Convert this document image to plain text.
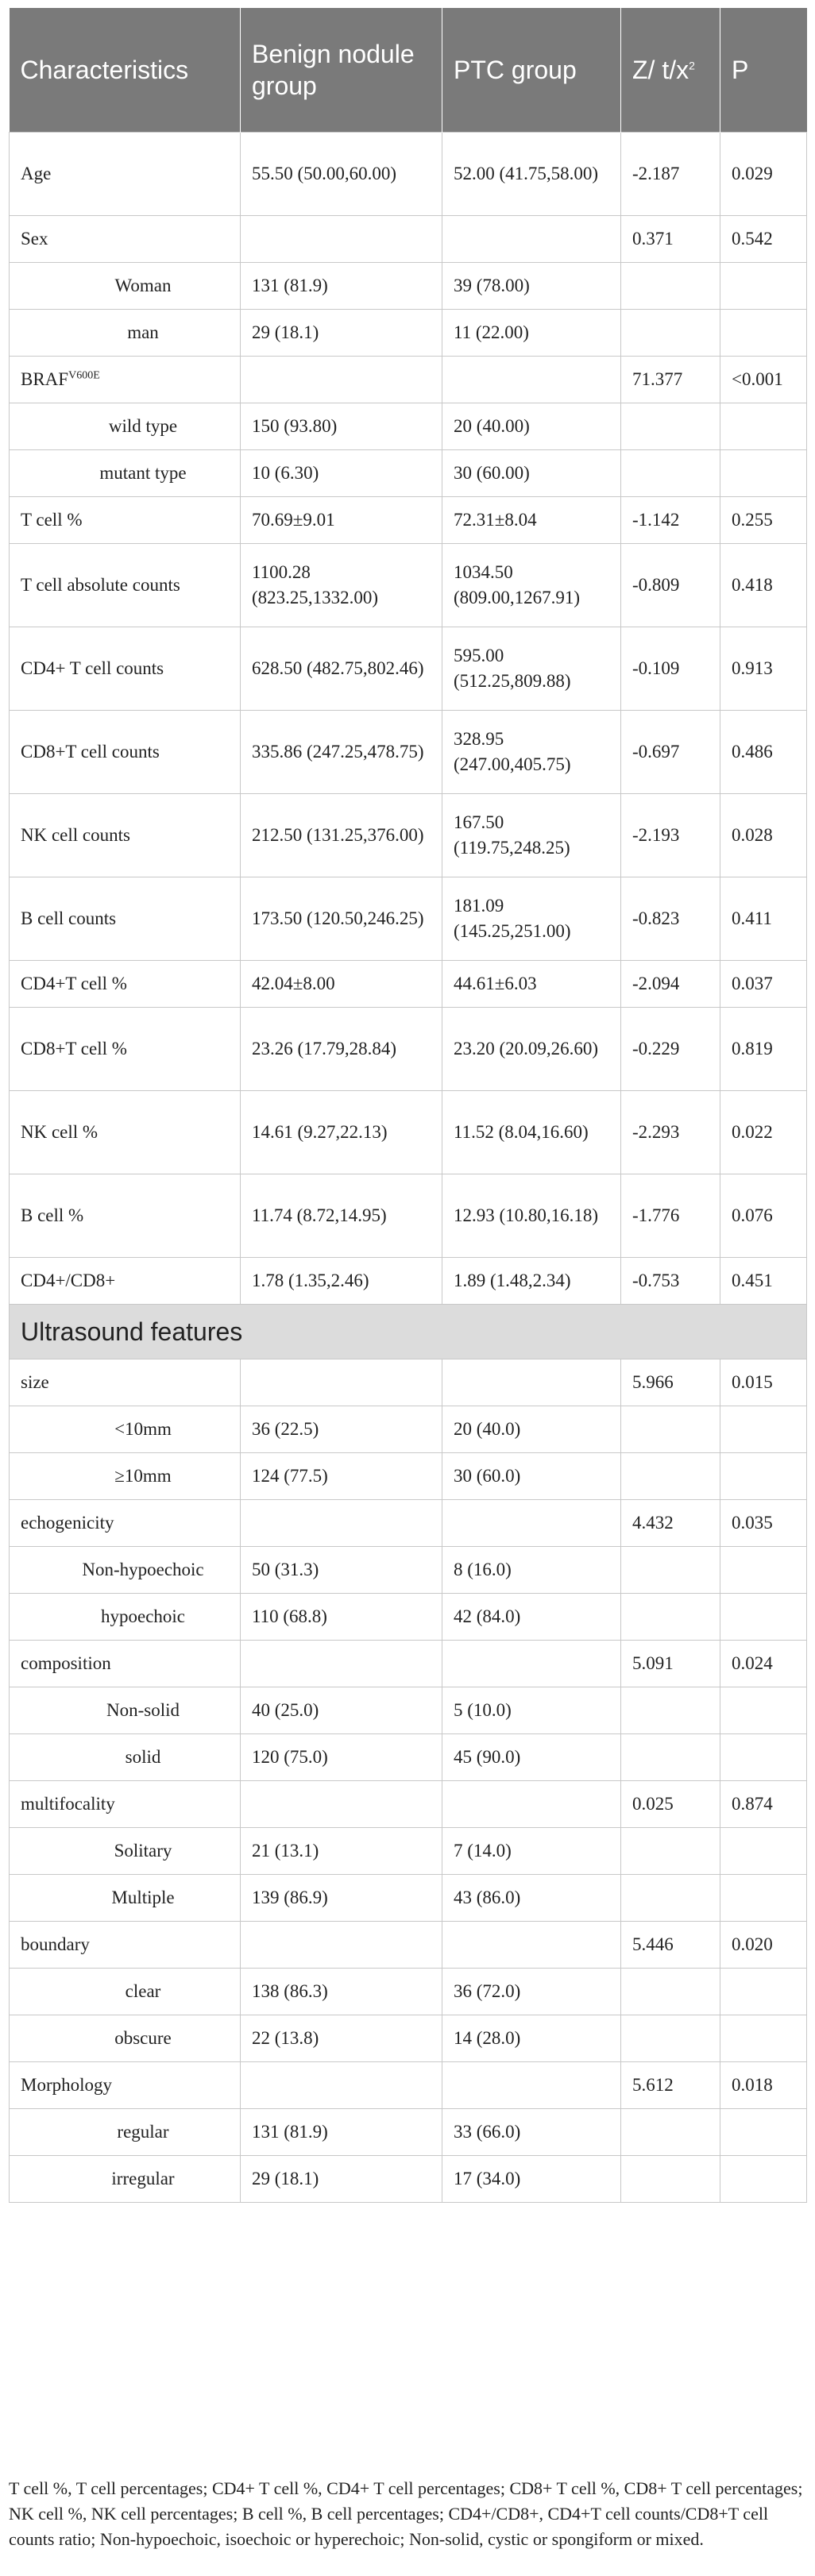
Characteristics	Benign nodule group	PTC group	Z/ $t/x^2$	P
Age	55.50 (50.00,60.00)	52.00 (41.75,58.00)	-2.187	0.029
Sex			0.371	0.542
Woman	131 (81.9)	39 (78.00)		
man	29 (18.1)	11 (22.00)		
$BRAF^{V600E}$			71.377	<0.001
wild type	150 (93.80)	20 (40.00)		
mutant type	10 (6.30)	30 (60.00)		
T cell %	70.69±9.01	72.31±8.04	-1.142	0.255
T cell absolute counts	1100.28 (823.25,1332.00)	1034.50 (809.00,1267.91)	-0.809	0.418
CD4+ T cell counts	628.50 (482.75,802.46)	595.00 (512.25,809.88)	-0.109	0.913
CD8+T cell counts	335.86 (247.25,478.75)	328.95 (247.00,405.75)	-0.697	0.486
NK cell counts	212.50 (131.25,376.00)	167.50 (119.75,248.25)	-2.193	0.028
B cell counts	173.50 (120.50,246.25)	181.09 (145.25,251.00)	-0.823	0.411
CD4+T cell %	42.04±8.00	44.61±6.03	-2.094	0.037
CD8+T cell %	23.26 (17.79,28.84)	23.20 (20.09,26.60)	-0.229	0.819
NK cell %	14.61 (9.27,22.13)	11.52 (8.04,16.60)	-2.293	0.022
B cell %	11.74 (8.72,14.95)	12.93 (10.80,16.18)	-1.776	0.076
CD4+/CD8+	1.78 (1.35,2.46)	1.89 (1.48,2.34)	-0.753	0.451
Ultrasound features				
size			5.966	0.015
<10mm	36 (22.5)	20 (40.0)		
≥10mm	124 (77.5)	30 (60.0)		
echogenicity			4.432	0.035
Non-hypoechoic	50 (31.3)	8 (16.0)		
hypoechoic	110 (68.8)	42 (84.0)		
composition			5.091	0.024
Non-solid	40 (25.0)	5 (10.0)		
solid	120 (75.0)	45 (90.0)		
multifocality			0.025	0.874
Solitary	21 (13.1)	7 (14.0)		
Multiple	139 (86.9)	43 (86.0)		
boundary			5.446	0.020
clear	138 (86.3)	36 (72.0)		
obscure	22 (13.8)	14 (28.0)		
Morphology			5.612	0.018
regular	131 (81.9)	33 (66.0)		
irregular	29 (18.1)	17 (34.0)		

T cell %, T cell percentages; CD4+ T cell %, CD4+ T cell percentages; CD8+ T cell %, CD8+ T cell percentages; NK cell %, NK cell percentages; B cell %, B cell percentages; CD4+/CD8+, CD4+T cell counts/CD8+T cell counts ratio; Non-hypoechoic, isoechoic or hyperechoic; Non-solid, cystic or spongiform or mixed.
